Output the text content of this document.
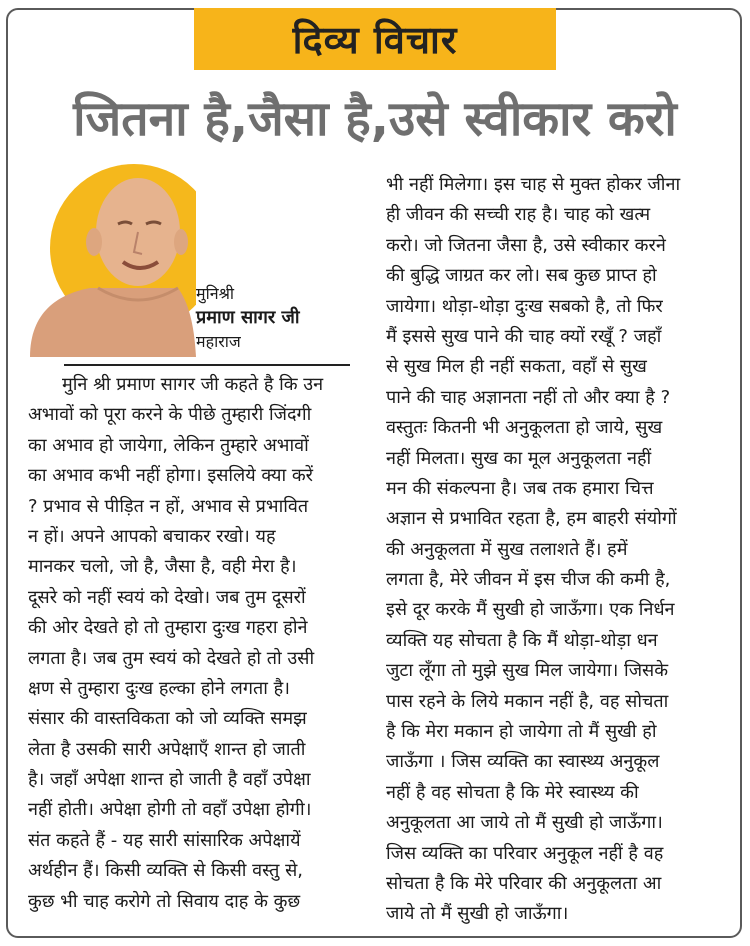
दिव्य विचार
जितना है,जैसा है,उसे स्वीकार करो
मुनिश्री
प्रमाण सागर जी
महाराज
मुनि श्री प्रमाण सागर जी कहते है कि उन
अभावों को पूरा करने के पीछे तुम्हारी जिंदगी
का अभाव हो जायेगा, लेकिन तुम्हारे अभावों
का अभाव कभी नहीं होगा। इसलिये क्या करें
? प्रभाव से पीड़ित न हों, अभाव से प्रभावित
न हों। अपने आपको बचाकर रखो। यह
मानकर चलो, जो है, जैसा है, वही मेरा है।
दूसरे को नहीं स्वयं को देखो। जब तुम दूसरों
की ओर देखते हो तो तुम्हारा दुःख गहरा होने
लगता है। जब तुम स्वयं को देखते हो तो उसी
क्षण से तुम्हारा दुःख हल्का होने लगता है।
संसार की वास्तविकता को जो व्यक्ति समझ
लेता है उसकी सारी अपेक्षाएँ शान्त हो जाती
है। जहाँ अपेक्षा शान्त हो जाती है वहाँ उपेक्षा
नहीं होती। अपेक्षा होगी तो वहाँ उपेक्षा होगी।
संत कहते हैं - यह सारी सांसारिक अपेक्षायें
अर्थहीन हैं। किसी व्यक्ति से किसी वस्तु से,
कुछ भी चाह करोगे तो सिवाय दाह के कुछ
भी नहीं मिलेगा। इस चाह से मुक्त होकर जीना
ही जीवन की सच्ची राह है। चाह को खत्म
करो। जो जितना जैसा है, उसे स्वीकार करने
की बुद्धि जाग्रत कर लो। सब कुछ प्राप्त हो
जायेगा। थोड़ा-थोड़ा दुःख सबको है, तो फिर
मैं इससे सुख पाने की चाह क्यों रखूँ ? जहाँ
से सुख मिल ही नहीं सकता, वहाँ से सुख
पाने की चाह अज्ञानता नहीं तो और क्या है ?
वस्तुतः कितनी भी अनुकूलता हो जाये, सुख
नहीं मिलता। सुख का मूल अनुकूलता नहीं
मन की संकल्पना है। जब तक हमारा चित्त
अज्ञान से प्रभावित रहता है, हम बाहरी संयोगों
की अनुकूलता में सुख तलाशते हैं। हमें
लगता है, मेरे जीवन में इस चीज की कमी है,
इसे दूर करके मैं सुखी हो जाऊँगा। एक निर्धन
व्यक्ति यह सोचता है कि मैं थोड़ा-थोड़ा धन
जुटा लूँगा तो मुझे सुख मिल जायेगा। जिसके
पास रहने के लिये मकान नहीं है, वह सोचता
है कि मेरा मकान हो जायेगा तो मैं सुखी हो
जाऊँगा । जिस व्यक्ति का स्वास्थ्य अनुकूल
नहीं है वह सोचता है कि मेरे स्वास्थ्य की
अनुकूलता आ जाये तो मैं सुखी हो जाऊँगा।
जिस व्यक्ति का परिवार अनुकूल नहीं है वह
सोचता है कि मेरे परिवार की अनुकूलता आ
जाये तो मैं सुखी हो जाऊँगा।
